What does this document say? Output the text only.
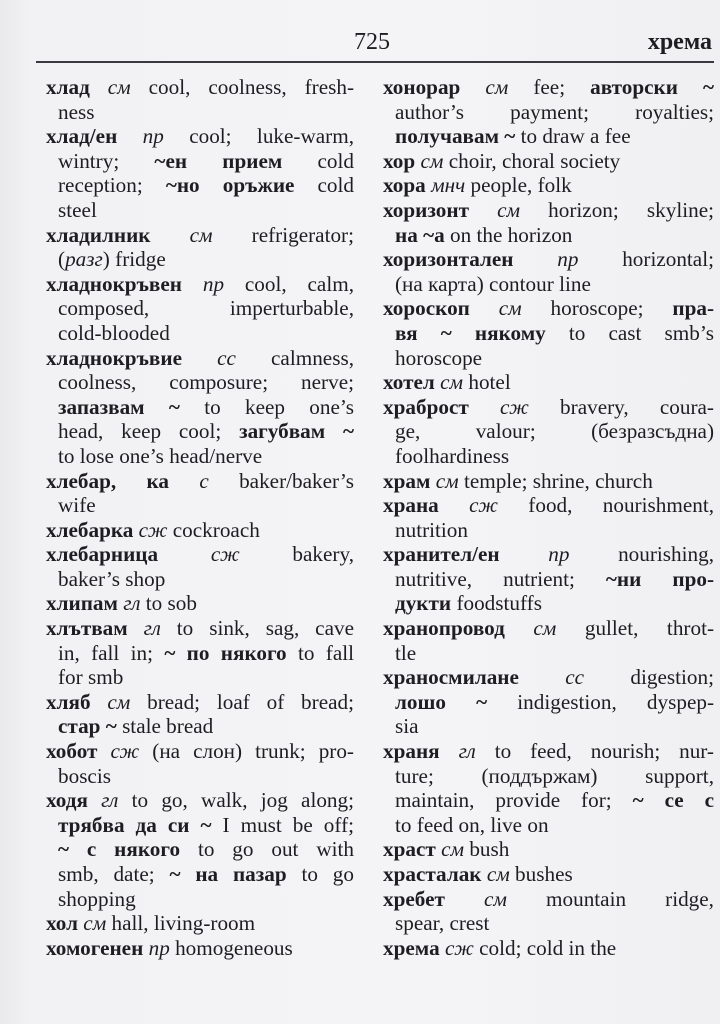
725	хрема
хлад см cool, coolness, fresh-
ness
хлад/ен пр cool; luke-warm,
wintry; ~ен прием cold
reception; ~но оръжие cold
steel
хладилник см refrigerator;
(разг) fridge
хладнокръвен пр cool, calm,
composed, imperturbable,
cold-blooded
хладнокръвие сс calmness,
coolness, composure; nerve;
запазвам ~ to keep one’s
head, keep cool; загубвам ~
to lose one’s head/nerve
хлебар, ка с baker/baker’s
wife
хлебарка сж cockroach
хлебарница сж bakery,
baker’s shop
хлипам гл to sob
хлътвам гл to sink, sag, cave
in, fall in; ~ по някого to fall
for smb
хляб см bread; loaf of bread;
стар ~ stale bread
хобот сж (на слон) trunk; pro-
boscis
ходя гл to go, walk, jog along;
трябва да си ~ I must be off;
~ с някого to go out with
smb, date; ~ на пазар to go
shopping
хол см hall, living-room
хомогенен пр homogeneous
хонорар см fee; авторски ~
author’s payment; royalties;
получавам ~ to draw a fee
хор см choir, choral society
хора мнч people, folk
хоризонт см horizon; skyline;
на ~а on the horizon
хоризонтален пр horizontal;
(на карта) contour line
хороскоп см horoscope; пра-
вя ~ някому to cast smb’s
horoscope
хотел см hotel
храброст сж bravery, coura-
ge, valour; (безразсъдна)
foolhardiness
храм см temple; shrine, church
храна сж food, nourishment,
nutrition
хранител/ен пр nourishing,
nutritive, nutrient; ~ни про-
дукти foodstuffs
хранопровод см gullet, throt-
tle
храносмилане сс digestion;
лошо ~ indigestion, dyspep-
sia
храня гл to feed, nourish; nur-
ture; (поддържам) support,
maintain, provide for; ~ се с
to feed on, live on
храст см bush
храсталак см bushes
хребет см mountain ridge,
spear, crest
хрема сж cold; cold in the
